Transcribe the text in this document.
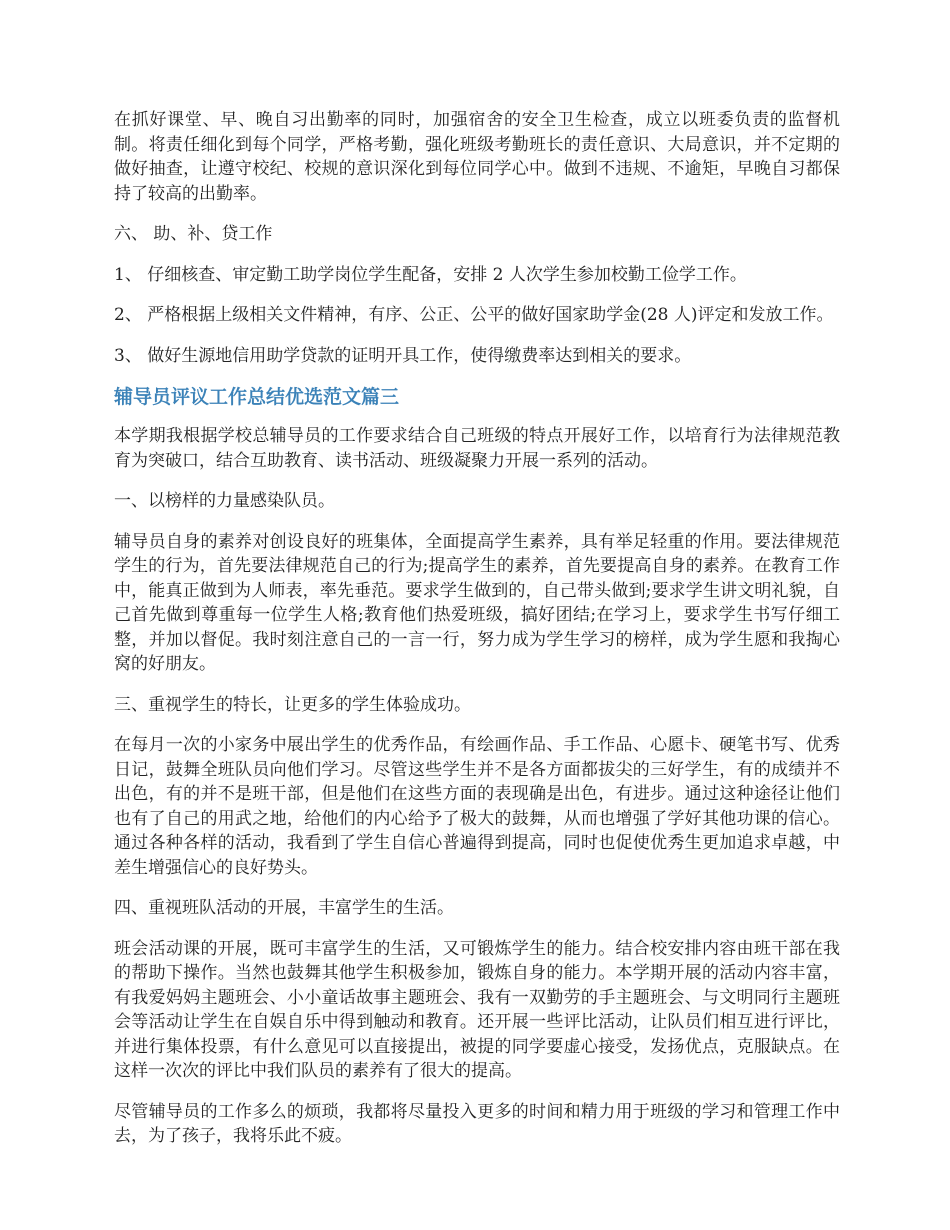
在抓好课堂、早、晚自习出勤率的同时，加强宿舍的安全卫生检查，成立以班委负责的监督机制。将责任细化到每个同学，严格考勤，强化班级考勤班长的责任意识、大局意识，并不定期的做好抽查，让遵守校纪、校规的意识深化到每位同学心中。做到不违规、不逾矩，早晚自习都保持了较高的出勤率。

六、 助、补、贷工作

1、 仔细核查、审定勤工助学岗位学生配备，安排 2 人次学生参加校勤工俭学工作。

2、 严格根据上级相关文件精神，有序、公正、公平的做好国家助学金(28 人)评定和发放工作。

3、 做好生源地信用助学贷款的证明开具工作，使得缴费率达到相关的要求。

辅导员评议工作总结优选范文篇三

本学期我根据学校总辅导员的工作要求结合自己班级的特点开展好工作，以培育行为法律规范教育为突破口，结合互助教育、读书活动、班级凝聚力开展一系列的活动。

一、以榜样的力量感染队员。

辅导员自身的素养对创设良好的班集体，全面提高学生素养，具有举足轻重的作用。要法律规范学生的行为，首先要法律规范自己的行为;提高学生的素养，首先要提高自身的素养。在教育工作中，能真正做到为人师表，率先垂范。要求学生做到的，自己带头做到;要求学生讲文明礼貌，自己首先做到尊重每一位学生人格;教育他们热爱班级，搞好团结;在学习上，要求学生书写仔细工整，并加以督促。我时刻注意自己的一言一行，努力成为学生学习的榜样，成为学生愿和我掏心窝的好朋友。

三、重视学生的特长，让更多的学生体验成功。

在每月一次的小家务中展出学生的优秀作品，有绘画作品、手工作品、心愿卡、硬笔书写、优秀日记，鼓舞全班队员向他们学习。尽管这些学生并不是各方面都拔尖的三好学生，有的成绩并不出色，有的并不是班干部，但是他们在这些方面的表现确是出色，有进步。通过这种途径让他们也有了自己的用武之地，给他们的内心给予了极大的鼓舞，从而也增强了学好其他功课的信心。通过各种各样的活动，我看到了学生自信心普遍得到提高，同时也促使优秀生更加追求卓越，中差生增强信心的良好势头。

四、重视班队活动的开展，丰富学生的生活。

班会活动课的开展，既可丰富学生的生活，又可锻炼学生的能力。结合校安排内容由班干部在我的帮助下操作。当然也鼓舞其他学生积极参加，锻炼自身的能力。本学期开展的活动内容丰富，有我爱妈妈主题班会、小小童话故事主题班会、我有一双勤劳的手主题班会、与文明同行主题班会等活动让学生在自娱自乐中得到触动和教育。还开展一些评比活动，让队员们相互进行评比，并进行集体投票，有什么意见可以直接提出，被提的同学要虚心接受，发扬优点，克服缺点。在这样一次次的评比中我们队员的素养有了很大的提高。

尽管辅导员的工作多么的烦琐，我都将尽量投入更多的时间和精力用于班级的学习和管理工作中去，为了孩子，我将乐此不疲。
